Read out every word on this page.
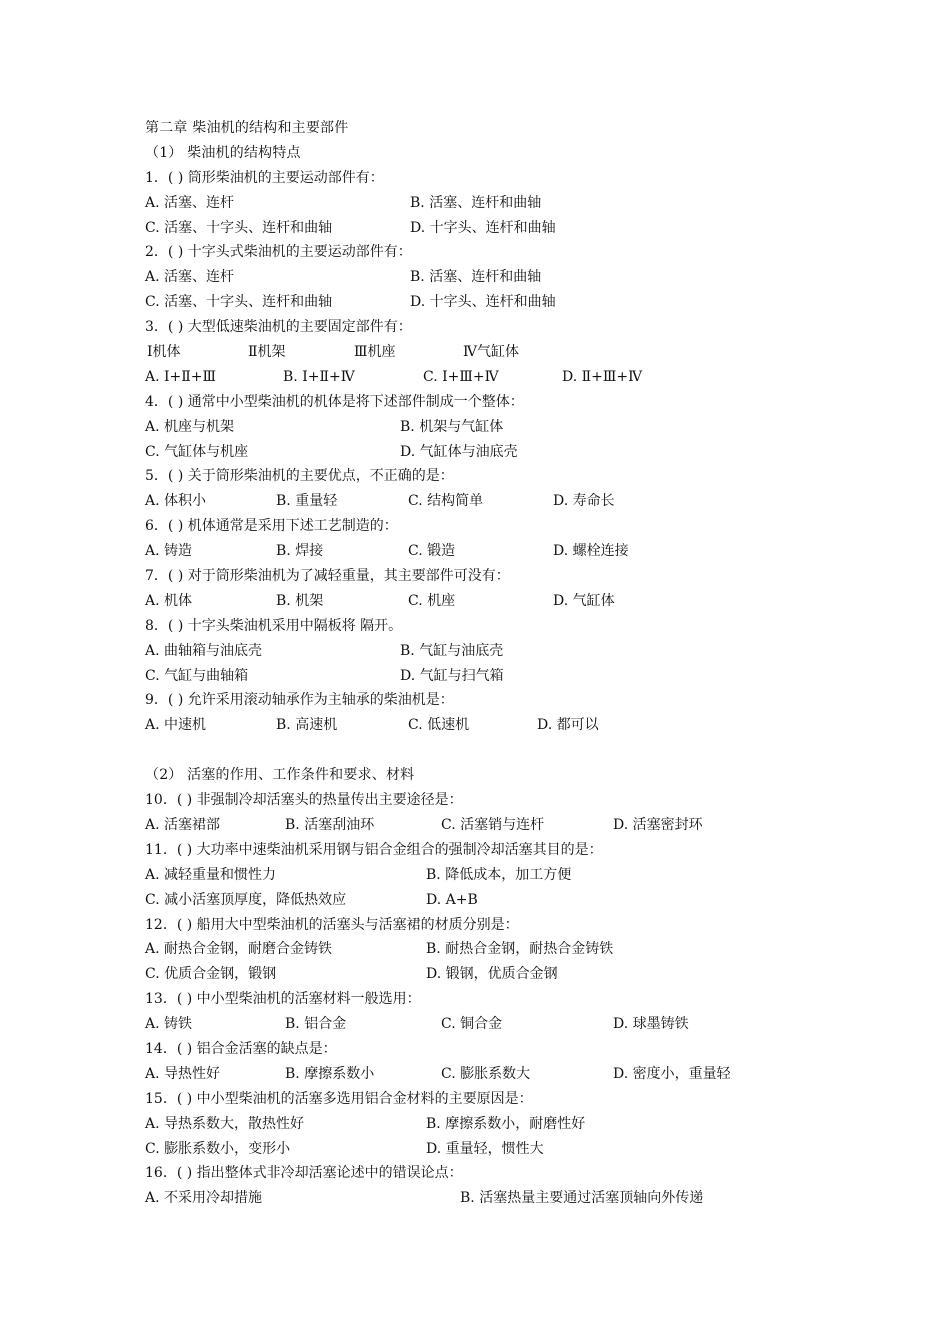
第二章 柴油机的结构和主要部件
（1） 柴油机的结构特点
1．( ) 筒形柴油机的主要运动部件有：
A. 活塞、连杆	B. 活塞、连杆和曲轴
C. 活塞、十字头、连杆和曲轴	D. 十字头、连杆和曲轴
2．( ) 十字头式柴油机的主要运动部件有：
A. 活塞、连杆	B. 活塞、连杆和曲轴
C. 活塞、十字头、连杆和曲轴	D. 十字头、连杆和曲轴
3．( ) 大型低速柴油机的主要固定部件有：
Ⅰ机体	Ⅱ机架	Ⅲ机座	Ⅳ气缸体
A. Ⅰ+Ⅱ+Ⅲ	B. Ⅰ+Ⅱ+Ⅳ	C. Ⅰ+Ⅲ+Ⅳ	D. Ⅱ+Ⅲ+Ⅳ
4．( ) 通常中小型柴油机的机体是将下述部件制成一个整体：
A. 机座与机架	B. 机架与气缸体
C. 气缸体与机座	D. 气缸体与油底壳
5．( ) 关于筒形柴油机的主要优点，不正确的是：
A. 体积小	B. 重量轻	C. 结构简单	D. 寿命长
6．( ) 机体通常是采用下述工艺制造的：
A. 铸造	B. 焊接	C. 锻造	D. 螺栓连接
7．( ) 对于筒形柴油机为了减轻重量，其主要部件可没有：
A. 机体	B. 机架	C. 机座	D. 气缸体
8．( ) 十字头柴油机采用中隔板将 隔开。
A. 曲轴箱与油底壳	B. 气缸与油底壳
C. 气缸与曲轴箱	D. 气缸与扫气箱
9．( ) 允许采用滚动轴承作为主轴承的柴油机是：
A. 中速机	B. 高速机	C. 低速机	D. 都可以
（2） 活塞的作用、工作条件和要求、材料
10．( ) 非强制冷却活塞头的热量传出主要途径是：
A. 活塞裙部	B. 活塞刮油环	C. 活塞销与连杆	D. 活塞密封环
11．( ) 大功率中速柴油机采用钢与铝合金组合的强制冷却活塞其目的是：
A. 减轻重量和惯性力	B. 降低成本，加工方便
C. 减小活塞顶厚度，降低热效应	D. A+B
12．( ) 船用大中型柴油机的活塞头与活塞裙的材质分别是：
A. 耐热合金钢，耐磨合金铸铁	B. 耐热合金钢，耐热合金铸铁
C. 优质合金钢，锻钢	D. 锻钢，优质合金钢
13．( ) 中小型柴油机的活塞材料一般选用：
A. 铸铁	B. 铝合金	C. 铜合金	D. 球墨铸铁
14．( ) 铝合金活塞的缺点是：
A. 导热性好	B. 摩擦系数小	C. 膨胀系数大	D. 密度小，重量轻
15．( ) 中小型柴油机的活塞多选用铝合金材料的主要原因是：
A. 导热系数大，散热性好	B. 摩擦系数小，耐磨性好
C. 膨胀系数小，变形小	D. 重量轻，惯性大
16．( ) 指出整体式非冷却活塞论述中的错误论点：
A. 不采用冷却措施	B. 活塞热量主要通过活塞顶轴向外传递
